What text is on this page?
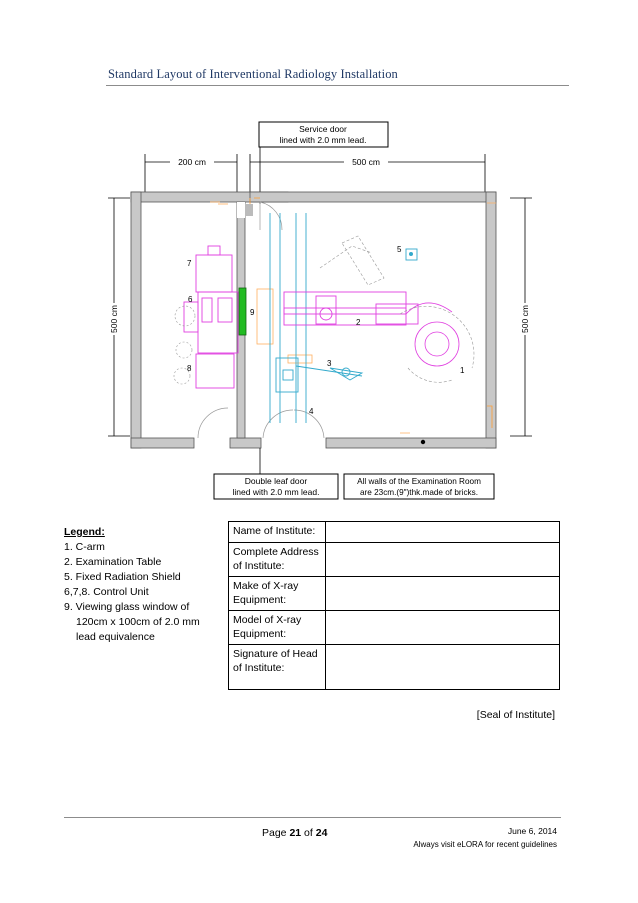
Standard Layout of Interventional Radiology Installation
Service door
lined with 2.0 mm lead.
200 cm	500 cm
500 cm	500 cm
1
2
3
4
5
6
7
8
9
Double leaf door
lined with 2.0 mm lead.
All walls of the Examination Room
are 23cm.(9")thk.made of bricks.
Legend:
1. C-arm
2. Examination Table
5. Fixed Radiation Shield
6,7,8. Control Unit
9. Viewing glass window of
120cm x 100cm of 2.0 mm
lead equivalence
Name of Institute:	
Complete Address of Institute:	
Make of X-ray Equipment:	
Model of X-ray Equipment:	
Signature of Head of Institute:	
[Seal of Institute]
Page 21 of 24	June 6, 2014
Always visit eLORA for recent guidelines
